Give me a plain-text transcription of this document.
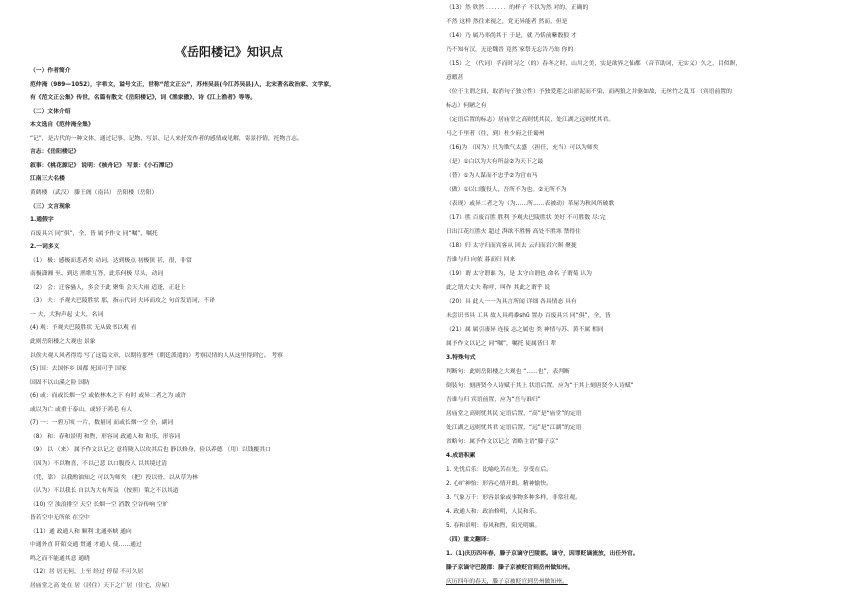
《岳阳楼记》知识点
（一）作者简介
范仲淹（989—1052），字希文，谥号文正，世称“范文正公”，苏州吴县(今江苏吴县)人，北宋著名政治家、文学家，
有《范文正公集》传世，名篇有散文《岳阳楼记》，词《渔家傲》，诗《江上渔者》等等。
（二）文体介绍
本文选自《范仲淹全集》
“记”，是古代的一种文体，通过记事、记物、写景、记人来抒发作者的感情或见解，寄景抒情，托物言志。
言志：《岳阳楼记》
叙事：《桃花源记》 说明：《核舟记》 写景：《小石潭记》
江南三大名楼
黄鹤楼 （武汉） 滕王阁（南昌） 岳阳楼（岳阳）
（三）文言现象
1.通假字
百废具兴 同“俱”，全，皆 属予作文 同“嘱”，嘱托
2.一词多义
（1） 极：感极而悲者矣 动词，达到极点 初极狭 甚，很，非常
南极潇湘 至、到达 渔歌互答，此乐何极 尽头，动词
（2） 会：迁客骚人，多会于此 聚集 会天大雨 适逢，正赶上
（3） 夫：予观夫巴陵胜状 那，指示代词 夫环而攻之 句首发语词，不译
一 夫，大狗声起 丈夫，名词
(4) 观：予观夫巴陵胜状 无从致书以观 看
此则岳阳楼之大观也 景象
以俟夫观人风者得焉 写了这篇文章，以期待那些（朝廷派遣的）考察民情的人从这里得到它。 考察
(5) 国：去国怀乡 国都 死国可乎 国家
国固不以山溪之险 国防
(6) 或：而或长烟一空 或依林木之下 有时 或异二者之为 或许
或以为亡 或重于泰山，或轻于鸿毛 有人
(7) 一：一碧万顷 一片，数量词 而或长烟一空 全，副词
（8） 和：春和景明 和煦，形容词 政通人和 和乐，形容词
（9） 以 （来） 属予作文以记之 意将陇入以攻其后也 静以修身，俭以养德 （用）以钱覆其口
（因为）不以物喜，不以己悲 以口腹役人 以其境过清
（凭，靠） 以我酌油知之 可以为师矣 （把）投以骨，以从草为林
（认为）不以我长 自以为大有所益 （按照）策之不以其道
（10) 空 浊浪排空 天空 长烟一空 消散 空谷传响 空旷
皆若空中无所依 在空中
（11）通 政通人和 顺利 北通巫峡 通向
中通外直 阡陌交通 贯通 才通人 使……通过
鸣之而不能通其意 通晓
（12）居 居无何，上至 经过 停留 不可久居
居庙堂之高 处在 居（居住）天下之广居（住宅，房屋）
（13）然 欣然 ．．．．．．．的样子 不以为然 对的，正确的
不然 这样 然往来视之，党无异能者 然而，但是
（14）乃 属乃率尚其于 于是，就 乃恬前紫骰狼 才
乃不知有汉，无论魏晋 竟然 家祭无忘告乃翁 你的
（15）之 （代词）孚而时习之（的）春冬之时，山川之美，实是欲界之仙都 （音节助词，无实义）久之，目似瞑，
意暇甚
（位于主谓之间，取消句子独立性）予独爱莲之出淤泥而不染，而两狼之并驱如故，无丝竹之乱耳 （宾语前置的
标志）何陋之有
（定语后置的标志）居庙堂之高则忧其民，处江湖之远则忧其君。
马之千里者（往，到）杜少府之任蜀州
（16)为 （因为）只为欺气太盛 （担任，充当）可以为师矣
（是）①白以为大有所益②为天下之最
（替）①为人谋而不忠乎②为宫市马
（做）①以口腹役人，吾所不为也。②无所不为
（表现）或异二者之为（为……所……表被动）革屋为秋风所破歌
（17）胜 百废百胜 胜利 予观夫巴陵胜状 美好 不可胜数 尽:完
日出江花红胜火 超过 湃欲不胜簪 高处不胜寒 禁得住
（18）归 太守归而宾客从 回去 云归而岩穴暝 聚拢
吾谁与归 向依 暮而归 回来
（19）谓 太守谓谁 为，是 太守自谓也 命名 子谓菊 认为
此之谓大丈夫 称呼，叫作 其此之谓乎 说
（20）具 此人一一为具言所闻 详细 各具情态 具有
未尝识书具 工具 故人具鸡黍shǔ 置办 百废具兴 同“俱”，全，皆
（21）属 属引凄异 连接 志之属也 类 神情与苏、黄不属 相同
属予作文以记之 同“嘱”，嘱托 徒属皆曰 辈
3.特殊句式
判断句：此则岳阳楼之大观也 “……也”，表判断
倒装句：刻唐贤今人诗赋于其上 状语后置，应为“于其上刻唐贤今人诗赋”
吾谁与归 宾语前置，应为“吾与谁归”
居庙堂之高则忧其民 定语后置，“高”是“庙堂”的定语
处江湖之远则忧其君 定语后置，“远”是“江湖”的定语
省略句：属予作文以记之 省略主语“滕子京”
4.成语积累
1. 先忧后乐：比喻吃苦在先，享受在后。
2. 心旷神怡：形容心情开朗，精神愉快。
3. 气象万千：形容景象或事物多种多样，非常壮观。
4. 政通人和：政治修明，人民和乐。
5. 春和景明：春风和煦，阳光明媚。
（四）重文翻译：
1.（1)庆历四年春，滕子京谪守巴陵郡。谪守，因罪贬谪流放，出任外官。
滕子京谪守巴陵郡：滕子京被贬官到岳州做知州。
庆历四年的春天，滕子京被贬官到岳州做知州。
